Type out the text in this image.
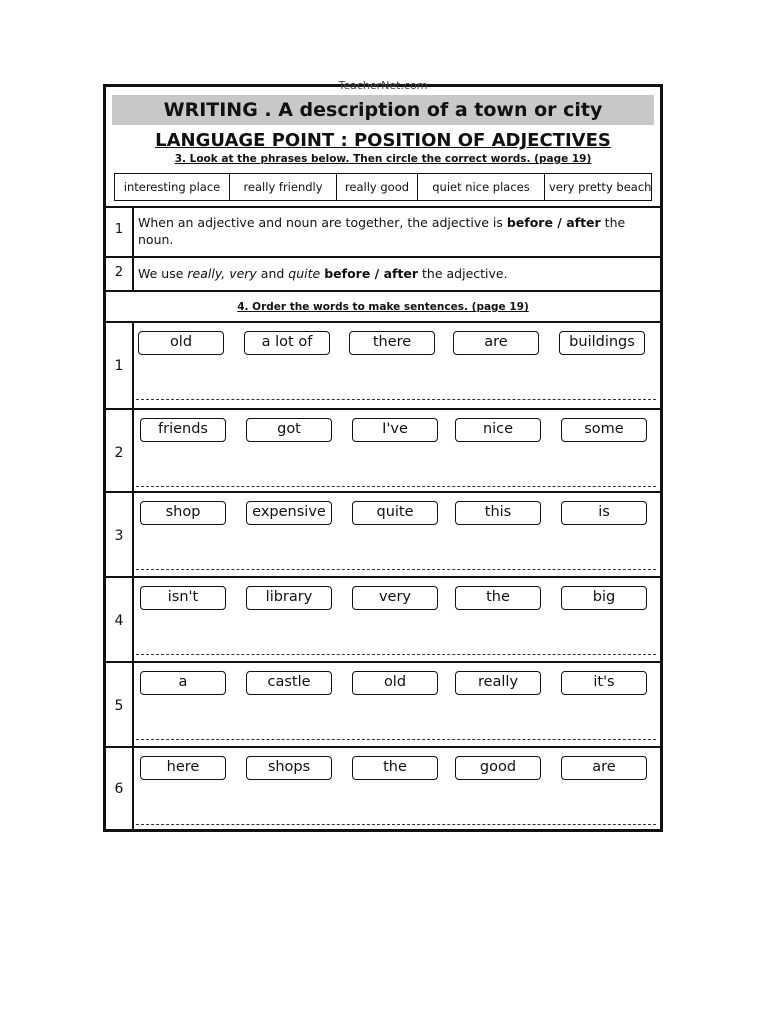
TeacherNet.com
WRITING . A description of a town or city
LANGUAGE POINT : POSITION OF ADJECTIVES
3. Look at the phrases below. Then circle the correct words. (page 19)
interesting place	really friendly	really good	quiet nice places	very pretty beach
1	When an adjective and noun are together, the adjective is before / after the noun.
2	We use really, very and quite before / after the adjective.
4. Order the words to make sentences. (page 19)
1
old	a lot of	there	are	buildings
2
friends	got	I've	nice	some
3
shop	expensive	quite	this	is
4
isn't	library	very	the	big
5
a	castle	old	really	it's
6
here	shops	the	good	are
